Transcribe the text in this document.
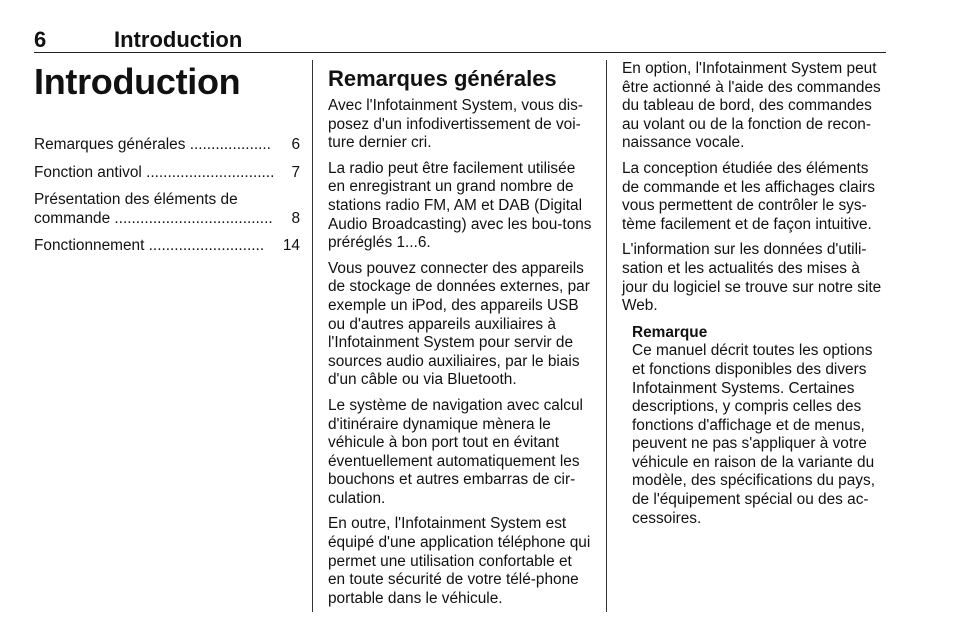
6	Introduction
Introduction
Remarques générales ...................	6
Fonction antivol ..............................	7
Présentation des éléments de
commande .....................................	8
Fonctionnement ...........................	14
Remarques générales

Avec l'Infotainment System, vous dis-posez d'un infodivertissement de voi-ture dernier cri.

La radio peut être facilement utilisée en enregistrant un grand nombre de stations radio FM, AM et DAB (Digital Audio Broadcasting) avec les bou-tons préréglés 1...6.

Vous pouvez connecter des appareils de stockage de données externes, par exemple un iPod, des appareils USB ou d'autres appareils auxiliaires à l'Infotainment System pour servir de sources audio auxiliaires, par le biais d'un câble ou via Bluetooth.

Le système de navigation avec calcul d'itinéraire dynamique mènera le véhicule à bon port tout en évitant éventuellement automatiquement les bouchons et autres embarras de cir-culation.

En outre, l'Infotainment System est équipé d'une application téléphone qui permet une utilisation confortable et en toute sécurité de votre télé-phone portable dans le véhicule.

En option, l'Infotainment System peut être actionné à l'aide des commandes du tableau de bord, des commandes au volant ou de la fonction de recon-naissance vocale.

La conception étudiée des éléments de commande et les affichages clairs vous permettent de contrôler le sys-tème facilement et de façon intuitive.

L'information sur les données d'utili-sation et les actualités des mises à jour du logiciel se trouve sur notre site Web.

Remarque
Ce manuel décrit toutes les options et fonctions disponibles des divers Infotainment Systems. Certaines descriptions, y compris celles des fonctions d'affichage et de menus, peuvent ne pas s'appliquer à votre véhicule en raison de la variante du modèle, des spécifications du pays, de l'équipement spécial ou des ac-cessoires.
